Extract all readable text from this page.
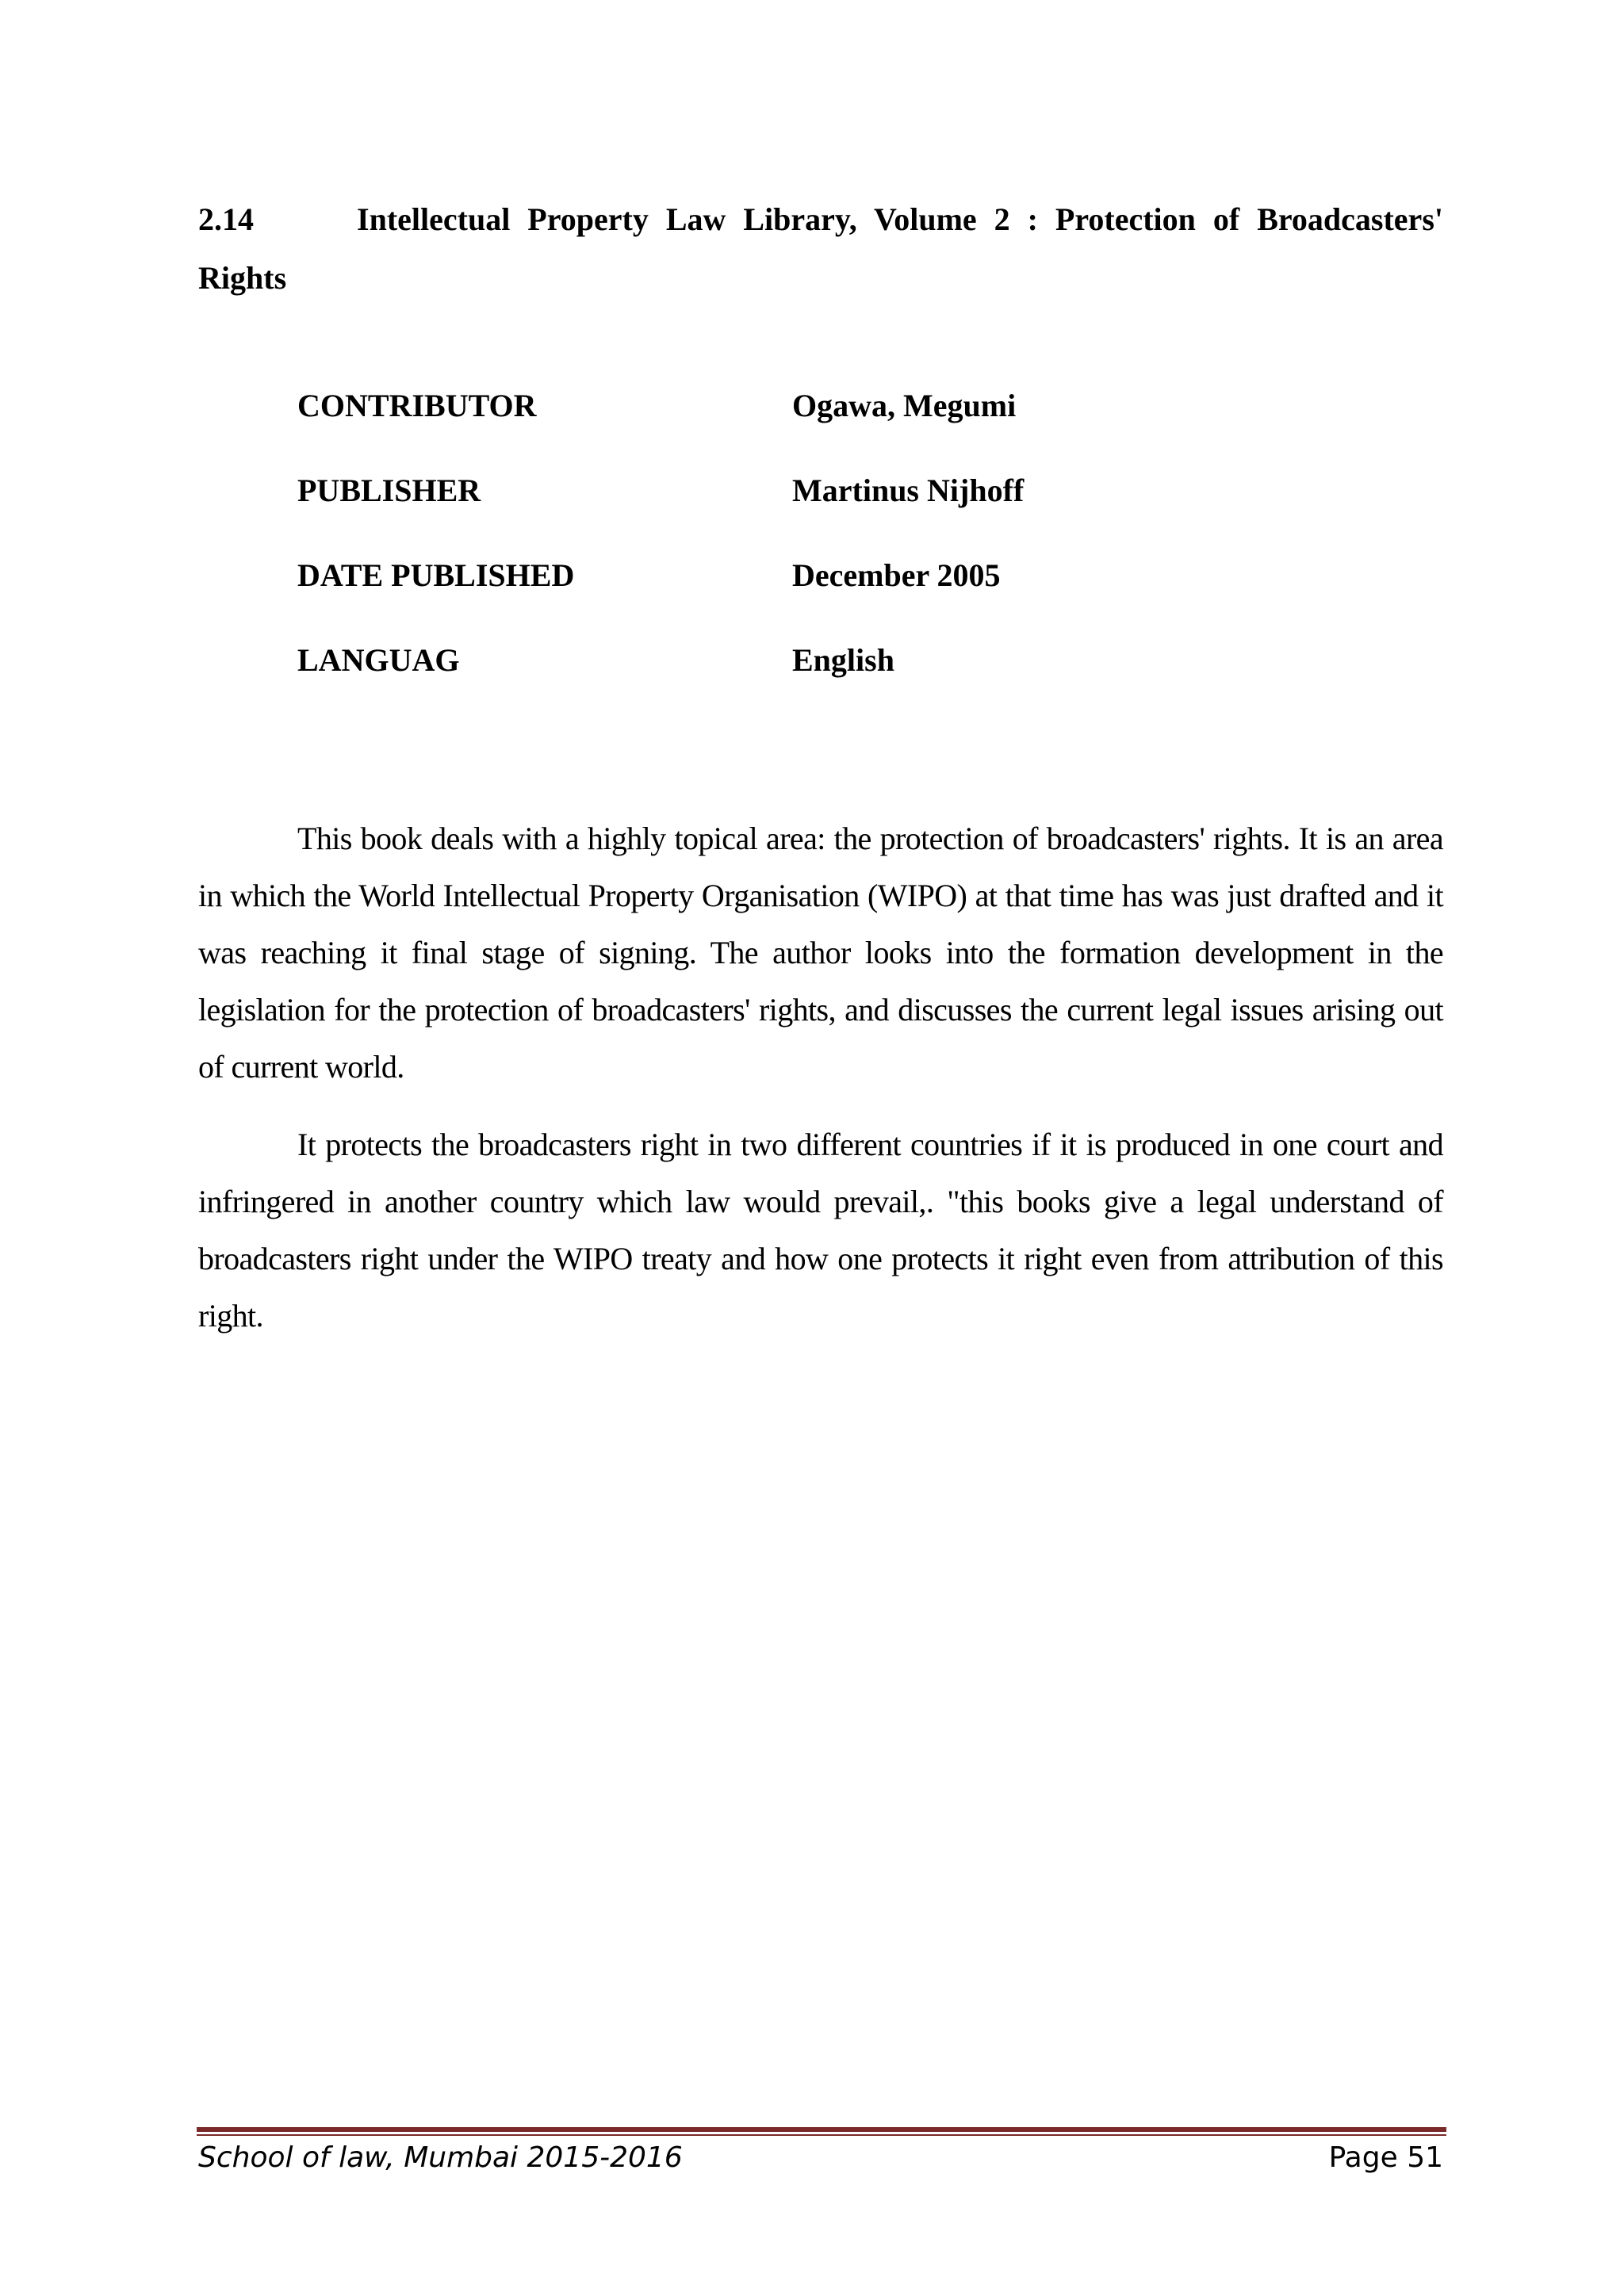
2.14	Intellectual Property Law Library, Volume 2 : Protection of Broadcasters'
Rights
CONTRIBUTOR	Ogawa, Megumi
PUBLISHER	Martinus Nijhoff
DATE PUBLISHED	December 2005
LANGUAG	English

This book deals with a highly topical area: the protection of broadcasters' rights. It is an area in which the World Intellectual Property Organisation (WIPO) at that time has was just drafted and it was reaching it final stage of signing. The author looks into the formation development in the legislation for the protection of broadcasters' rights, and discusses the current legal issues arising out of current world.

It protects the broadcasters right in two different countries if it is produced in one court and infringered in another country which law would prevail,. "this books give a legal understand of broadcasters right under the WIPO treaty and how one protects it right even from attribution of this right.

School of law, Mumbai 2015-2016	Page 51
